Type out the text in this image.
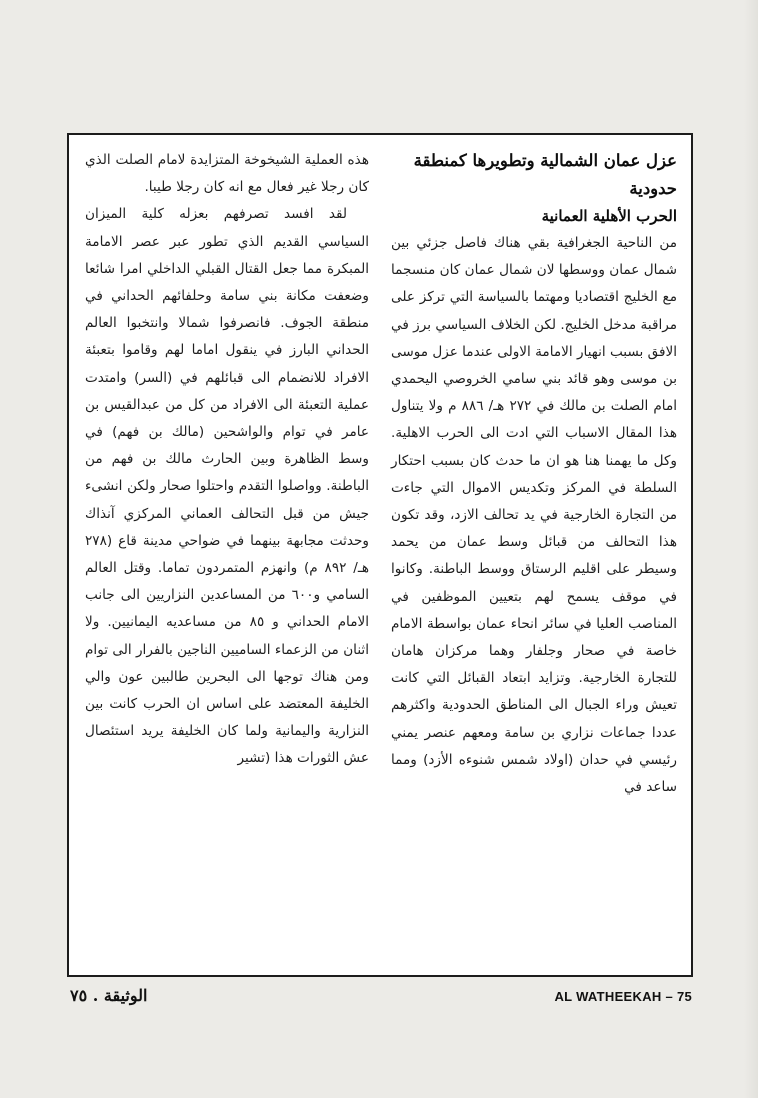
عزل عمان الشمالية وتطويرها كمنطقة حدودية
الحرب الأهلية العمانية

من الناحية الجغرافية بقي هناك فاصل جزئي بين شمال عمان ووسطها لان شمال عمان كان منسجما مع الخليج اقتصاديا ومهتما بالسياسة التي تركز على مراقبة مدخل الخليج. لكن الخلاف السياسي برز في الافق بسبب انهيار الامامة الاولى عندما عزل موسى بن موسى وهو قائد بني سامي الخروصي اليحمدي امام الصلت بن مالك في ٢٧٢ هـ/ ٨٨٦ م ولا يتناول هذا المقال الاسباب التي ادت الى الحرب الاهلية. وكل ما يهمنا هنا هو ان ما حدث كان بسبب احتكار السلطة في المركز وتكديس الاموال التي جاءت من التجارة الخارجية في يد تحالف الازد، وقد تكون هذا التحالف من قبائل وسط عمان من يحمد وسيطر على اقليم الرستاق ووسط الباطنة. وكانوا في موقف يسمح لهم بتعيين الموظفين في المناصب العليا في سائر انحاء عمان بواسطة الامام خاصة في صحار وجلفار وهما مركزان هامان للتجارة الخارجية. وتزايد ابتعاد القبائل التي كانت تعيش وراء الجبال الى المناطق الحدودية واكثرهم عددا جماعات نزاري بن سامة ومعهم عنصر يمني رئيسي في حدان (اولاد شمس شنوءه الأزد) ومما ساعد في

هذه العملية الشيخوخة المتزايدة لامام الصلت الذي كان رجلا غير فعال مع انه كان رجلا طيبا.

لقد افسد تصرفهم بعزله كلية الميزان السياسي القديم الذي تطور عبر عصر الامامة المبكرة مما جعل القتال القبلي الداخلي امرا شائعا وضعفت مكانة بني سامة وحلفائهم الحداني في منطقة الجوف. فانصرفوا شمالا وانتخبوا العالم الحداني البارز في ينقول اماما لهم وقاموا بتعبئة الافراد للانضمام الى قبائلهم في (السر) وامتدت عملية التعبئة الى الافراد من كل من عبدالقيس بن عامر في توام والواشحين (مالك بن فهم) في وسط الظاهرة وبين الحارث مالك بن فهم من الباطنة. وواصلوا التقدم واحتلوا صحار ولكن انشىء جيش من قبل التحالف العماني المركزي آنذاك وحدثت مجابهة بينهما في ضواحي مدينة قاع (٢٧٨ هـ/ ٨٩٢ م) وانهزم المتمردون تماما. وقتل العالم السامي و٦٠٠ من المساعدين النزاريين الى جانب الامام الحداني و ٨٥ من مساعديه اليمانيين. ولا اثنان من الزعماء الساميين الناجين بالفرار الى توام ومن هناك توجها الى البحرين طالبين عون والي الخليفة المعتضد على اساس ان الحرب كانت بين النزارية واليمانية ولما كان الخليفة يريد استئصال عش الثورات هذا (تشير

الوثيقة . ٧٥	AL WATHEEKAH – 75
